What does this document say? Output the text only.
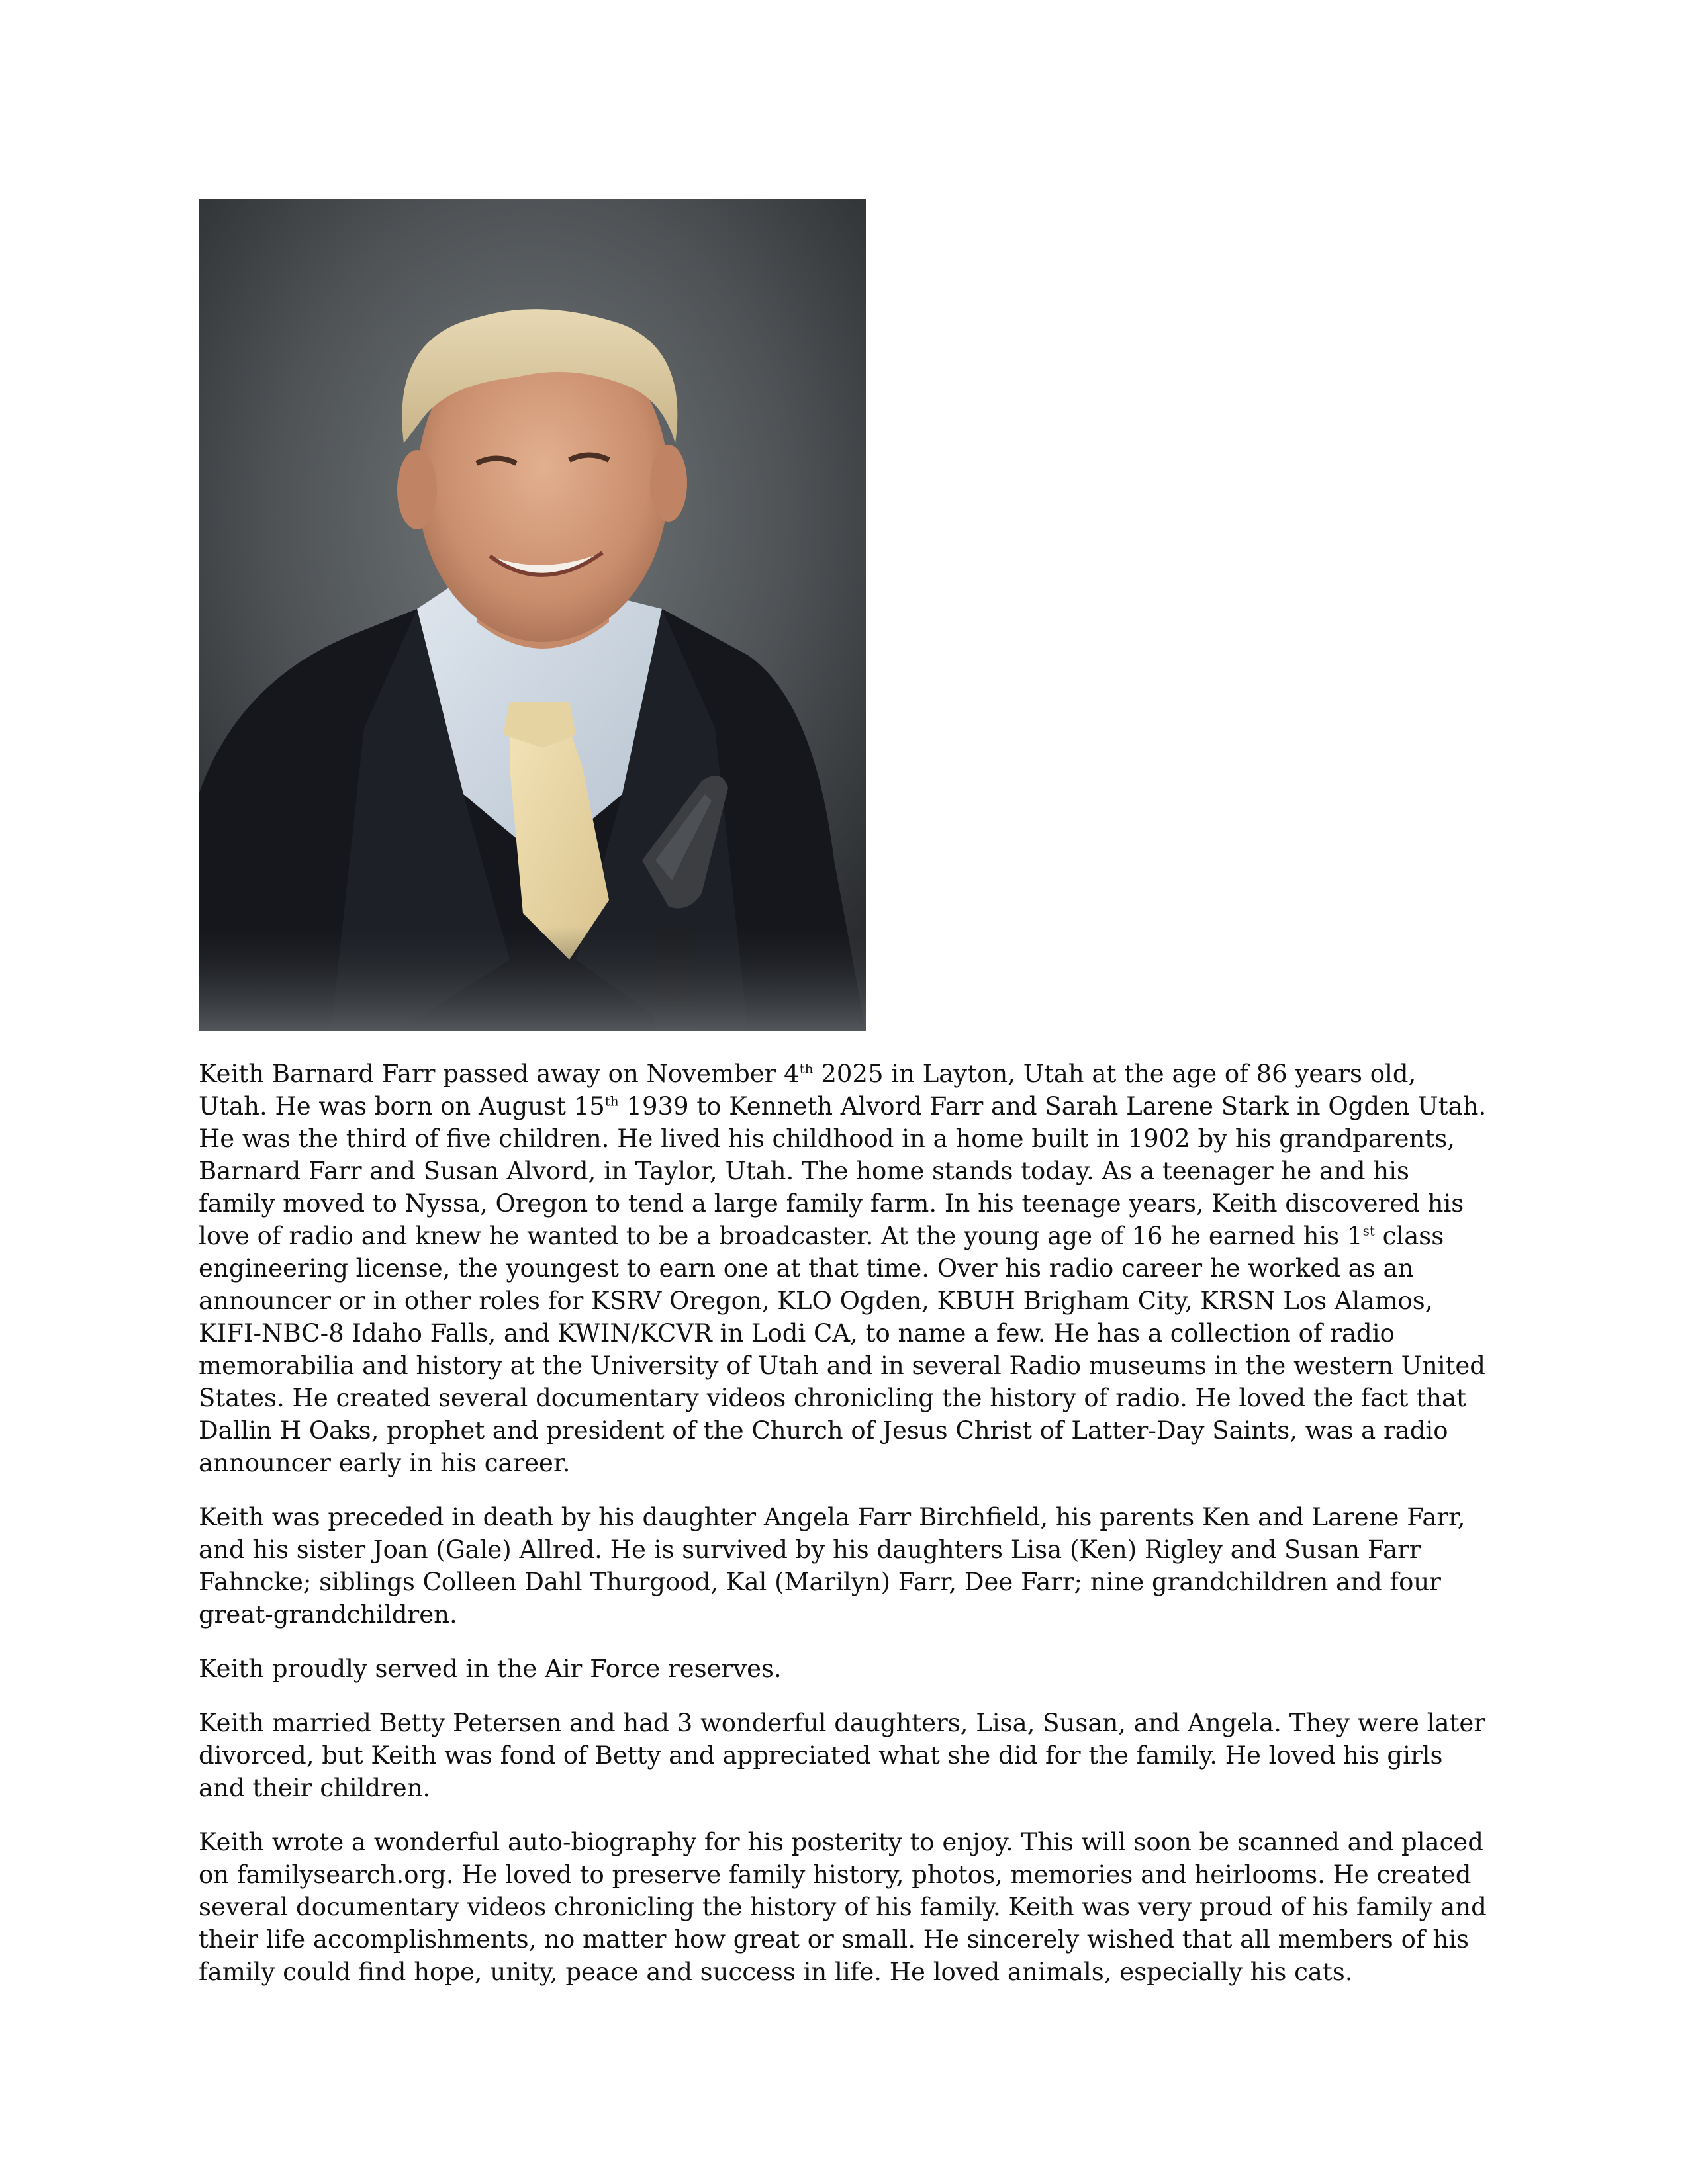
Keith Barnard Farr passed away on November 4th 2025 in Layton, Utah at the age of 86 years old, Utah. He was born on August 15th 1939 to Kenneth Alvord Farr and Sarah Larene Stark in Ogden Utah. He was the third of five children. He lived his childhood in a home built in 1902 by his grandparents, Barnard Farr and Susan Alvord, in Taylor, Utah. The home stands today. As a teenager he and his family moved to Nyssa, Oregon to tend a large family farm. In his teenage years, Keith discovered his love of radio and knew he wanted to be a broadcaster. At the young age of 16 he earned his 1st class engineering license, the youngest to earn one at that time. Over his radio career he worked as an announcer or in other roles for KSRV Oregon, KLO Ogden, KBUH Brigham City, KRSN Los Alamos, KIFI-NBC-8 Idaho Falls, and KWIN/KCVR in Lodi CA, to name a few. He has a collection of radio memorabilia and history at the University of Utah and in several Radio museums in the western United States. He created several documentary videos chronicling the history of radio. He loved the fact that Dallin H Oaks, prophet and president of the Church of Jesus Christ of Latter-Day Saints, was a radio announcer early in his career.

Keith was preceded in death by his daughter Angela Farr Birchfield, his parents Ken and Larene Farr, and his sister Joan (Gale) Allred. He is survived by his daughters Lisa (Ken) Rigley and Susan Farr Fahncke; siblings Colleen Dahl Thurgood, Kal (Marilyn) Farr, Dee Farr; nine grandchildren and four great-grandchildren.

Keith proudly served in the Air Force reserves.

Keith married Betty Petersen and had 3 wonderful daughters, Lisa, Susan, and Angela. They were later divorced, but Keith was fond of Betty and appreciated what she did for the family. He loved his girls and their children.

Keith wrote a wonderful auto-biography for his posterity to enjoy. This will soon be scanned and placed on familysearch.org. He loved to preserve family history, photos, memories and heirlooms. He created several documentary videos chronicling the history of his family. Keith was very proud of his family and their life accomplishments, no matter how great or small. He sincerely wished that all members of his family could find hope, unity, peace and success in life. He loved animals, especially his cats.
